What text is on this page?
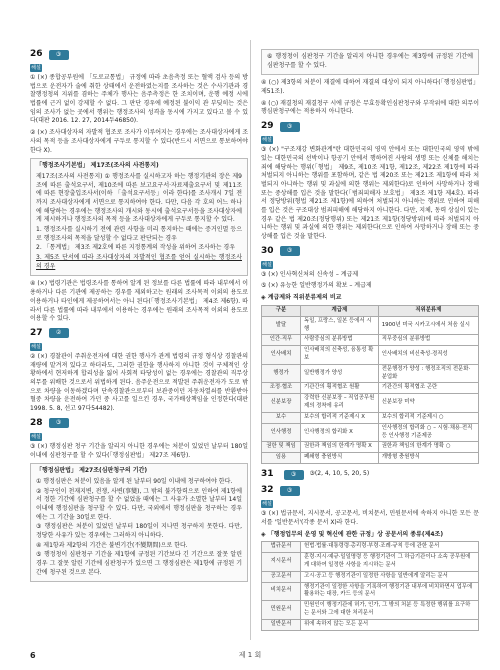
26	③
해설

① (×) 종합공부원에 「도로교통법」 규정에 따라 초음측정 또는 혈액 검사 등의 방법으로 운전자가 술에 취한 상태에서 운전하였는지를 조사하는 것은 수사기관과 경찰행정청의 지위를 겸하는 주체가 행사는 음주측정은 한 조치이며, 운행 예정 시에 법률에 근거 없이 강제할 수 없다. 그 판단 경우에 예정된 불이익 관 부딪히는 것은 임의 조사가 없는 곳에서 행위는 행정조사의 성격을 동시에 가지고 있다고 볼 수 있다(대판 2016. 12. 27, 2014두46850).

② (×) 조사대상자의 자발적 협조로 조사가 이루어지는 경우에는 조사대상자에게 조사의 목적 등을 조사대상자에게 구두로 통지할 수 있다(반드시 서면으로 통보하여야 한다 X).

「행정조사기본법」 제17조(조사의 사전통지)

제17조(조사의 사전통지) ① 행정조사를 실시하고자 하는 행정기관의 장은 제9조에 따른 출석요구서, 제10조에 따른 보고요구서·자료제출요구서 및 제11조에 따른 현장출입조사서(이하 「출석요구서등」이라 한다)를 조사개시 7일 전까지 조사대상자에게 서면으로 통지하여야 한다. 다만, 다음 각 호의 어느 하나에 해당하는 경우에는 행정조사의 개시와 동시에 출석요구서등을 조사대상자에게 제시하거나 행정조사의 목적 등을 조사대상자에게 구두로 통지할 수 있다.

1. 행정조사를 실시하기 전에 관련 사항을 미리 통지하는 때에는 증거인멸 등으로 행정조사의 목적을 달성할 수 없다고 판단되는 경우

2. 「통계법」 제3조 제2호에 따른 지정통계의 작성을 위하여 조사하는 경우

3. 제5조 단서에 따라 조사대상자의 자발적인 협조를 얻어 실시하는 행정조사의 경우

④ (×) 법령기관은 법령조사를 통하여 알게 된 정보를 다른 법률에 따라 내부에서 이용하거나 다른 기관에 제공하는 경우를 제외하고는 원래의 조사목적 이외의 용도로 이용하거나 타인에게 제공하여서는 아니 된다(「행정조사기본법」 제4조 제6항). 따라서 다른 법률에 따라 내부에서 이용하는 경우에는 원래의 조사목적 이외의 용도로 이용할 수 있다.

27	②
해설

② (×) 경찰관이 주취운전자에 대한 권한 행사가 관계 법령의 규정 형식상 경찰관의 재량에 맡겨져 있다고 하더라도, 그러한 권한을 행사하지 아니한 것이 구체적인 상황하에서 현저하게 합리성을 잃어 사회적 타당성이 없는 경우에는 경찰관의 직무상 의무를 위배한 것으로서 위법하게 된다. 음주운전으로 적발된 주취운전자가 도로 밖으로 차량을 이동하겠다며 단속경찰관으로부터 보관중이던 자동차열쇠를 반환받아 혈중 차량을 운전하여 가던 중 사고를 일으킨 경우, 국가배상책임을 인정한다(대판 1998. 5. 8, 선고 97다54482).

28	③
해설

③ (×) 행정심판 청구 기간을 알리지 아니한 경우에는 처분이 있었던 날부터 180일 이내에 심판청구를 할 수 있다(「행정심판법」 제27조 제6항).

「행정심판법」 제27조(심판청구의 기간)

① 행정심판은 처분이 있음을 알게 된 날부터 90일 이내에 청구하여야 한다.

② 청구인이 천재지변, 전쟁, 사변(事變), 그 밖의 불가항력으로 인하여 제1항에서 정한 기간에 심판청구를 할 수 없었을 때에는 그 사유가 소멸한 날부터 14일 이내에 행정심판을 청구할 수 있다. 다만, 국외에서 행정심판을 청구하는 경우에는 그 기간을 30일로 한다.

③ 행정심판은 처분이 있었던 날부터 180일이 지나면 청구하지 못한다. 다만, 정당한 사유가 있는 경우에는 그러하지 아니하다.

④ 제1항과 제2항의 기간은 불변기간(不變期間)으로 한다.

⑤ 행정청이 심판청구 기간을 제1항에 규정된 기간보다 긴 기간으로 잘못 알린 경우 그 잘못 알린 기간에 심판청구가 있으면 그 행정심판은 제1항에 규정된 기간에 청구된 것으로 본다.

⑥ 행정청이 심판청구 기간을 알리지 아니한 경우에는 제3항에 규정된 기간에 심판청구를 할 수 있다.

④ (○) 제3항의 처분이 재결에 대하여 재결의 대상이 되지 아니하다(「행정심판법」 제51조).

④ (○) 재결청의 재결청구 시에 규정은 무효등확인심판청구와 부작위에 대한 의무이행심판청구에는 적용하지 아니한다.

29	③
해설

③ (×) "구조재강 변화관계"란 대한민국의 영역 안에서 또는 대한민국의 영역 밖에 있는 대한민국의 선박이나 항공기 안에서 행하여진 사람의 생명 또는 신체를 해치는 죄에 해당하는 행위(「형법」 제9조, 제10조 제1항, 제12조, 제22조 제1항에 따라 처벌되지 아니하는 행위를 포함하며, 같은 법 제20조 또는 제21조 제1항에 따라 처벌되지 아니하는 행위 및 과실에 의한 행위는 제외한다)로 인하여 사망하거나 장해 또는 중상해를 입은 것을 말한다(「범죄피해자 보호법」 제3조 제1항 제4호). 따라서 정당방위(형법 제21조 제1항)에 의하여 처벌되지 아니하는 행위로 인하여 피해를 입은 것은 구조대상 범죄피해에 해당하지 아니한다. 다만, 지체, 동력 상실이 있는 경우 같은 법 제20조(정당행위) 또는 제21조 제1항(정당방위)에 따라 처벌되지 아니하는 행위 및 과실에 의한 행위는 제외한다(으로 인하여 사망하거나 장해 또는 중상해를 입은 것을 말한다.

30	③
해설

③ (×) 인사혁신처의 신속성 – 계급제

⑤ (×) 유능한 일반행정가의 확보 – 계급제

◈ 계급제와 직위분류제의 비교
구분	계급제	직위분류제
발달	독일, 프랑스, 일본 등에서 시행	1900년 미국 시카고시에서 처음 실시
인간·직무	사람중심의 분류방법	직무중심의 분류방법
인사배치	인사배치의 신축성, 융통성 확보	인사배치의 비신축성·경직성
행정가	일반행정가 양성	전문행정가 양성 : 행정조직의 전문화·분업화
조정·협조	기관간의 횡적협조 원활	기관간의 횡적협조 곤란
신분보장	강력한 신분보장 – 직업공무원제의 정착에 유리	신분보장 미약
보수	보수의 합리적 기준제시 X	보수의 합리적 기준제시 ○
인사행정	인사행정의 합리화 X	인사행정의 합리화 ○ – 시험·채용·전직 등 인사행정 기준제공
권한 및 책임	권한과 책임의 한계가 명확 X	권한과 책임의 한계가 명확 ○
임용	폐쇄형 충원방식	개방형 충원방식
31	③	③(2, 4, 10, 5, 20, 5)
32	③
해설

③ (×) 법규문서, 지시문서, 공고문서, 비치문서, 민원문서에 속하지 아니한 모든 문서를 '일반문서'(각종 문서 X)라 한다.

◈ 「행정업무의 운영 및 혁신에 관한 규정」상 공문서의 종류(제4조)
법규문서	헌법·법률·대통령령·총리령·부령·조례·규칙 등에 관한 문서
지시문서	훈령·지시·예규·일일명령 등 행정기관이 그 하급기관이나 소속 공무원에게 대하여 일정한 사항을 지시하는 문서
공고문서	고시·공고 등 행정기관이 일정한 사항을 일반에게 알리는 문서
비치문서	행정기관이 일정한 사항을 기록하여 행정기관 내부에 비치하면서 업무에 활용하는 대장, 카드 등의 문서
민원문서	민원인이 행정기관에 허가, 인가, 그 밖의 처분 등 특정한 행위를 요구하는 문서와 그에 대한 처리문서
일반문서	위에 속하지 않는 모든 문서
6	제 1 회
